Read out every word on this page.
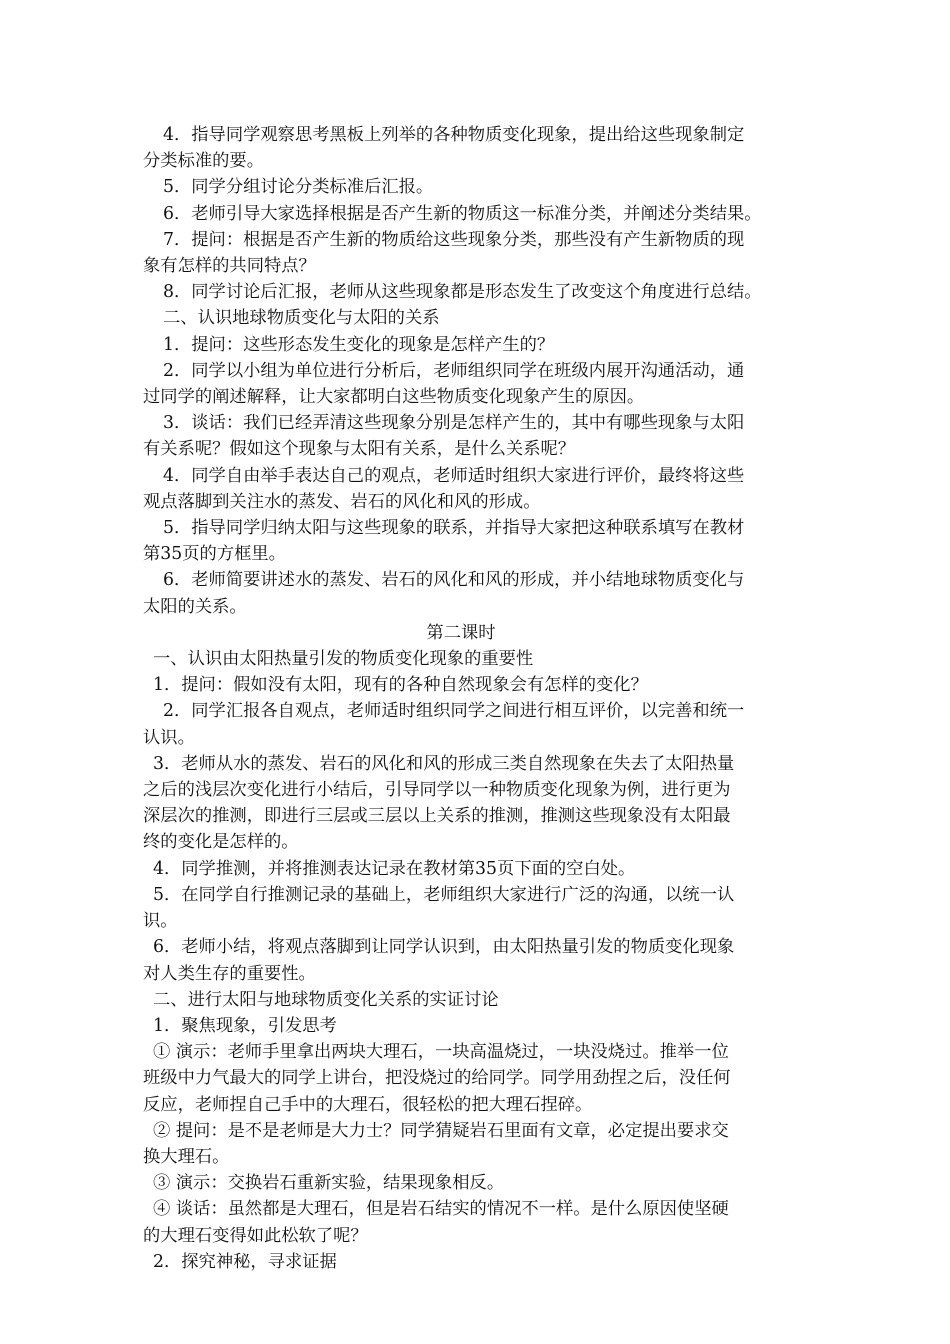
4．指导同学观察思考黑板上列举的各种物质变化现象，提出给这些现象制定
分类标准的要。
5．同学分组讨论分类标准后汇报。
6．老师引导大家选择根据是否产生新的物质这一标准分类，并阐述分类结果。
7．提问：根据是否产生新的物质给这些现象分类，那些没有产生新物质的现
象有怎样的共同特点？
8．同学讨论后汇报，老师从这些现象都是形态发生了改变这个角度进行总结。
二、认识地球物质变化与太阳的关系
1．提问：这些形态发生变化的现象是怎样产生的？
2．同学以小组为单位进行分析后，老师组织同学在班级内展开沟通活动，通
过同学的阐述解释，让大家都明白这些物质变化现象产生的原因。
3．谈话：我们已经弄清这些现象分别是怎样产生的，其中有哪些现象与太阳
有关系呢？假如这个现象与太阳有关系，是什么关系呢？
4．同学自由举手表达自己的观点，老师适时组织大家进行评价，最终将这些
观点落脚到关注水的蒸发、岩石的风化和风的形成。
5．指导同学归纳太阳与这些现象的联系，并指导大家把这种联系填写在教材
第35页的方框里。
6．老师简要讲述水的蒸发、岩石的风化和风的形成，并小结地球物质变化与
太阳的关系。
第二课时
一、认识由太阳热量引发的物质变化现象的重要性
1．提问：假如没有太阳，现有的各种自然现象会有怎样的变化？
2．同学汇报各自观点，老师适时组织同学之间进行相互评价，以完善和统一
认识。
3．老师从水的蒸发、岩石的风化和风的形成三类自然现象在失去了太阳热量
之后的浅层次变化进行小结后，引导同学以一种物质变化现象为例，进行更为
深层次的推测，即进行三层或三层以上关系的推测，推测这些现象没有太阳最
终的变化是怎样的。
4．同学推测，并将推测表达记录在教材第35页下面的空白处。
5．在同学自行推测记录的基础上，老师组织大家进行广泛的沟通，以统一认
识。
6．老师小结，将观点落脚到让同学认识到，由太阳热量引发的物质变化现象
对人类生存的重要性。
二、进行太阳与地球物质变化关系的实证讨论
1．聚焦现象，引发思考
① 演示：老师手里拿出两块大理石，一块高温烧过，一块没烧过。推举一位
班级中力气最大的同学上讲台，把没烧过的给同学。同学用劲捏之后，没任何
反应，老师捏自己手中的大理石，很轻松的把大理石捏碎。
② 提问：是不是老师是大力士？同学猜疑岩石里面有文章，必定提出要求交
换大理石。
③ 演示：交换岩石重新实验，结果现象相反。
④ 谈话：虽然都是大理石，但是岩石结实的情况不一样。是什么原因使坚硬
的大理石变得如此松软了呢？
2．探究神秘，寻求证据
